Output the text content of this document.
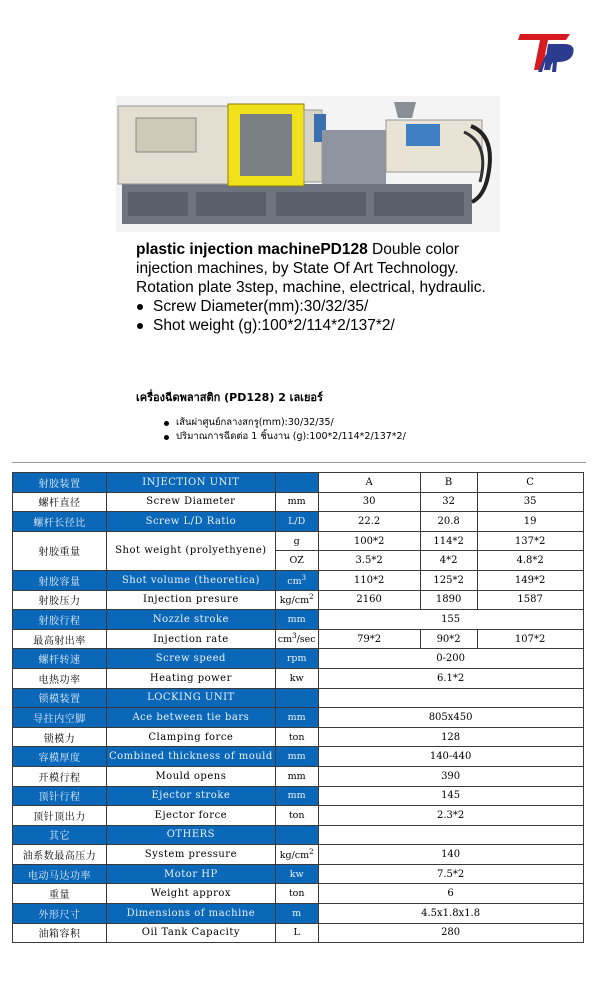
plastic injection machinePD128 Double color injection machines, by State Of Art Technology. Rotation plate 3step, machine, electrical, hydraulic.
Screw Diameter(mm):30/32/35/
Shot weight (g):100*2/114*2/137*2/
เครื่องฉีดพลาสติก (PD128) 2 เลเยอร์
เส้นผ่าศูนย์กลางสกรู(mm):30/32/35/
ปริมาณการฉีดต่อ 1 ชิ้นงาน (g):100*2/114*2/137*2/
射胶装置	INJECTION UNIT		A	B	C
螺杆直径	Screw Diameter	mm	30	32	35
螺杆长径比	Screw L/D Ratio	L/D	22.2	20.8	19
射胶重量	Shot weight (prolyethyene)	g	100*2	114*2	137*2
		OZ	3.5*2	4*2	4.8*2
射胶容量	Shot volume (theoretica)	$cm^3$	110*2	125*2	149*2
射胶压力	Injection presure	$kg/cm^2$	2160	1890	1587
射胶行程	Nozzle stroke	mm	155		
最高射出率	Injection rate	$cm^3/\sec$	79*2	90*2	107*2
螺杆转速	Screw speed	rpm	0-200		
电热功率	Heating power	kw	6.1*2		
锁模装置	LOCKING UNIT				
导拄内空脚	Ace between tie bars	mm	805x450		
锁模力	Clamping force	ton	128		
容模厚度	Combined thickness of mould	mm	140-440		
开模行程	Mould opens	mm	390		
顶针行程	Ejector stroke	mm	145		
顶针顶出力	Ejector force	ton	2.3*2		
其它	OTHERS				
油系数最高压力	System pressure	$kg/cm^2$	140		
电动马达功率	Motor HP	kw	7.5*2		
重量	Weight approx	ton	6		
外形尺寸	Dimensions of machine	m	4.5x1.8x1.8		
油箱容积	Oil Tank Capacity	L	280		
